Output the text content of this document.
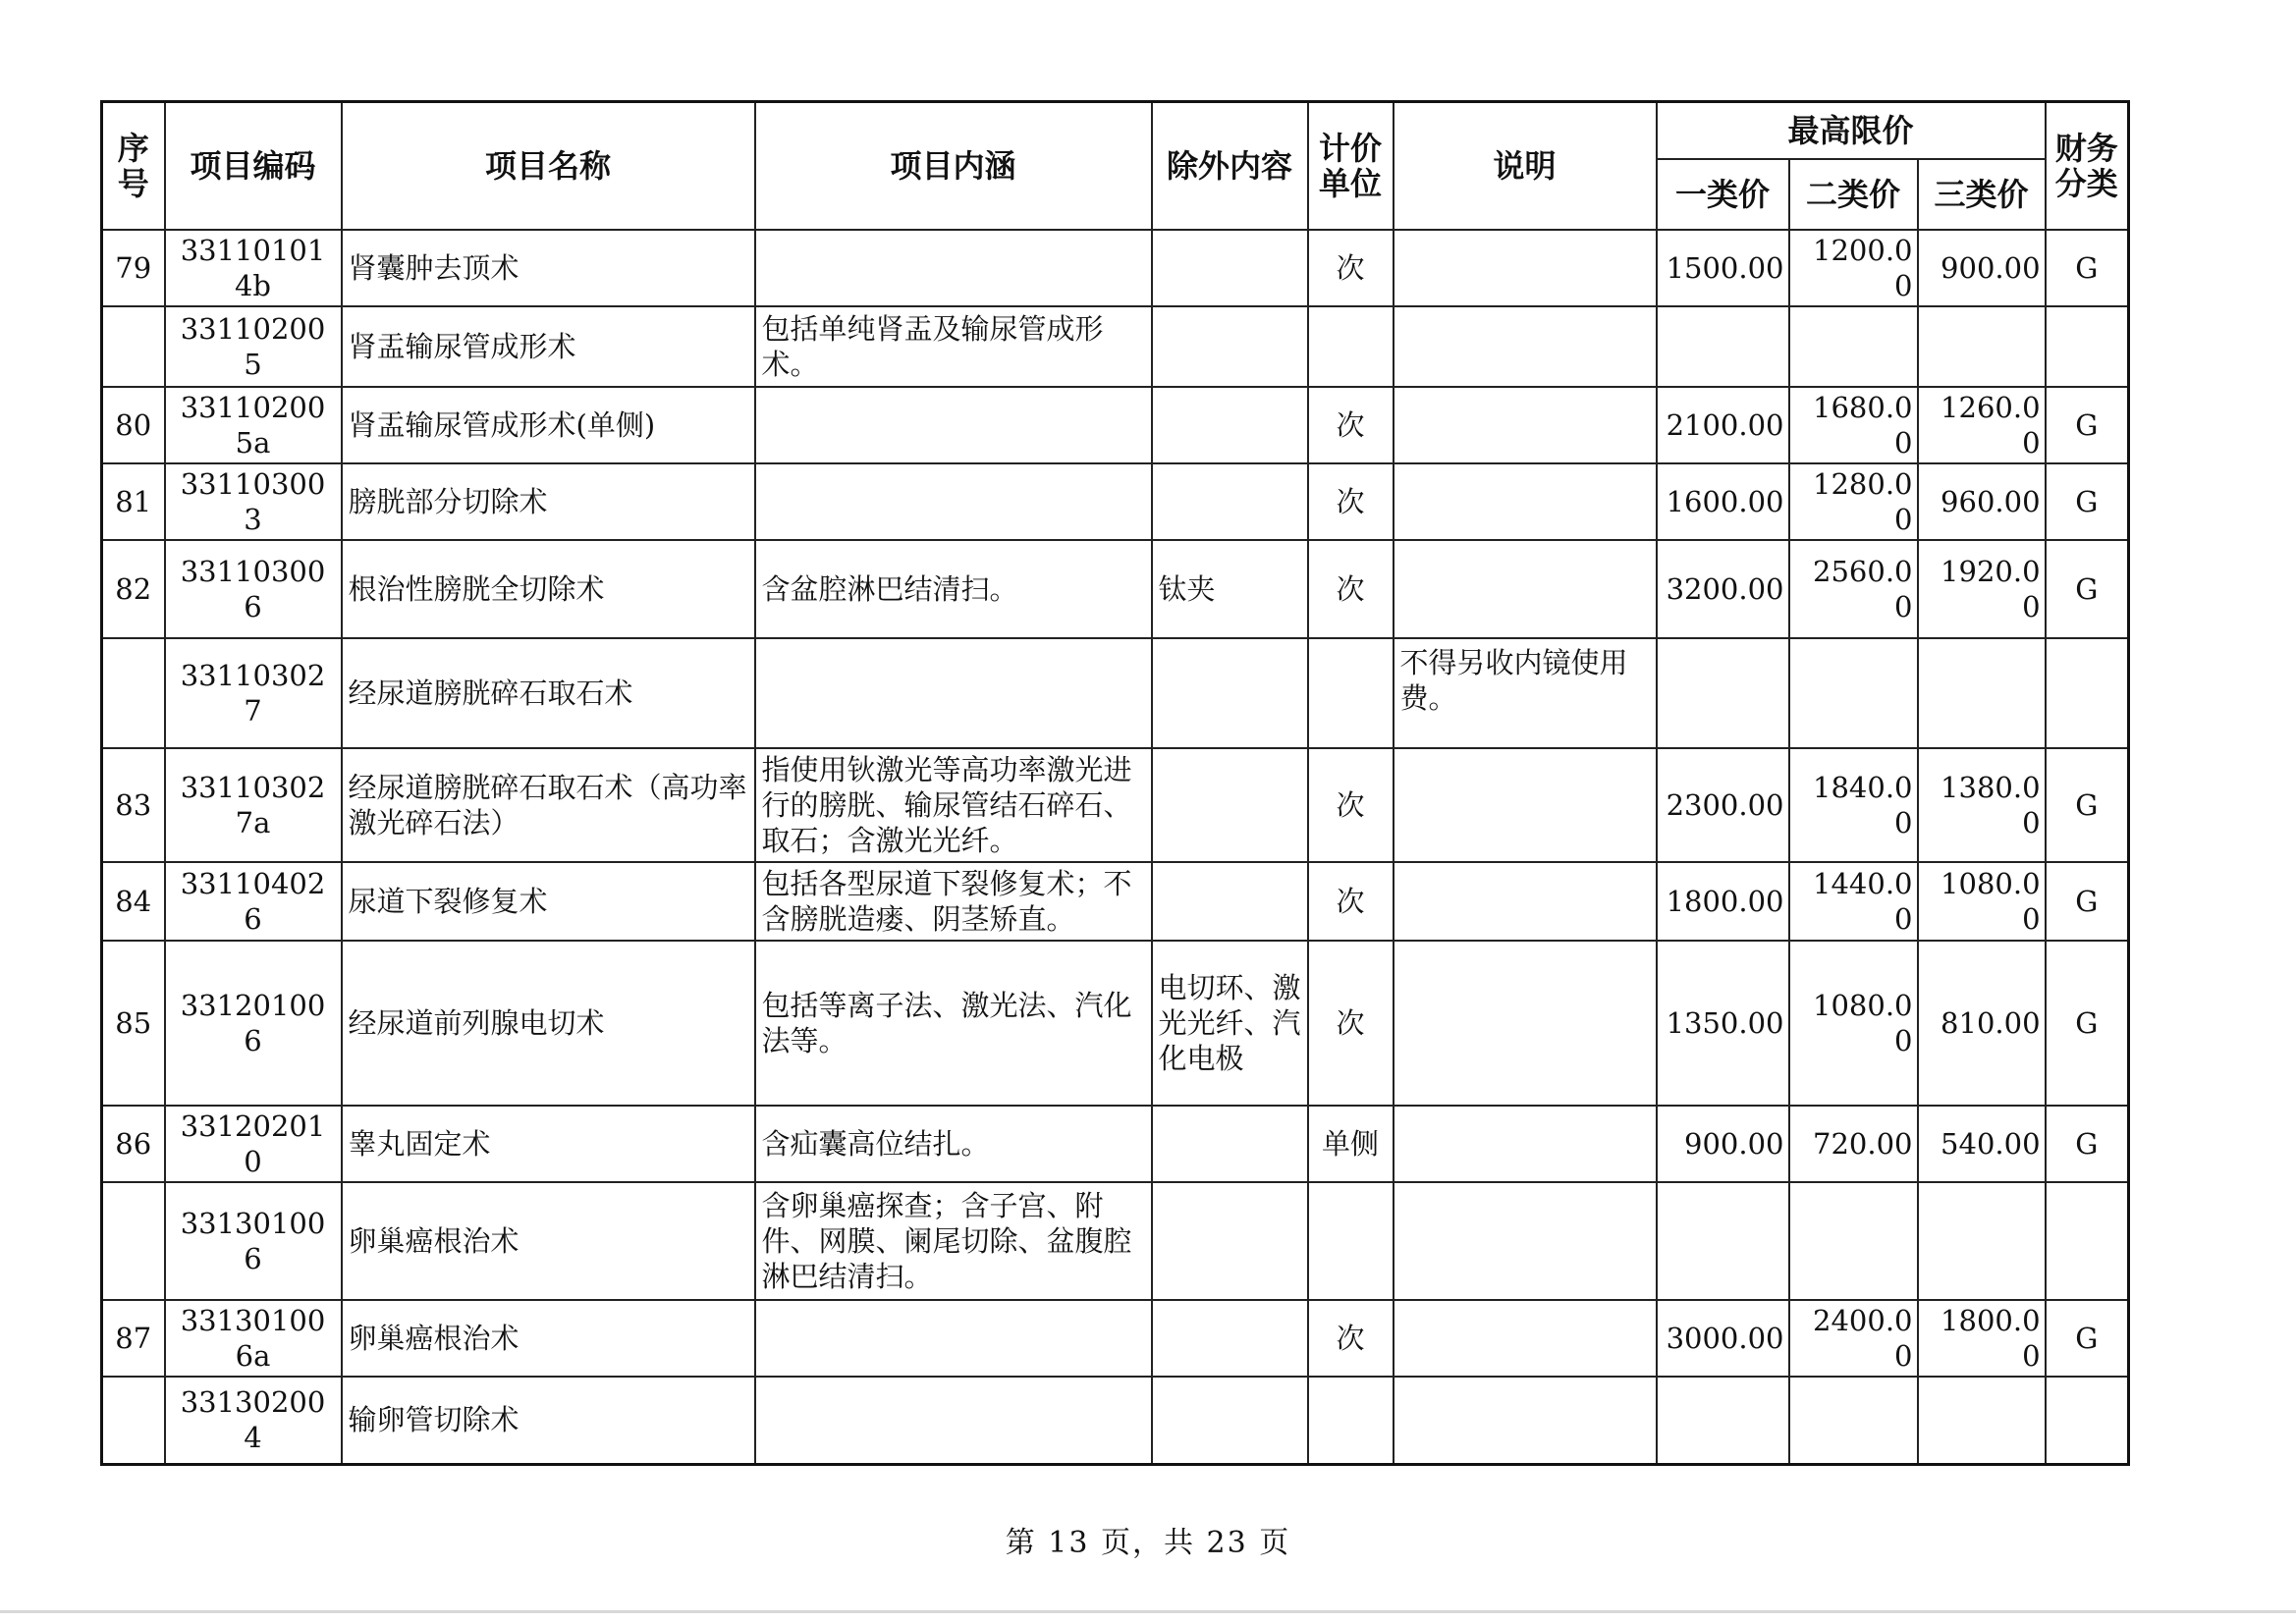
序号	项目编码	项目名称	项目内涵	除外内容	计价单位	说明	最高限价			财务分类
							一类价	二类价	三类价	
79	331101014b	肾囊肿去顶术			次		1500.00	1200.00	900.00	G
	331102005	肾盂输尿管成形术	包括单纯肾盂及输尿管成形术。							
80	331102005a	肾盂输尿管成形术(单侧)			次		2100.00	1680.00	1260.00	G
81	331103003	膀胱部分切除术			次		1600.00	1280.00	960.00	G
82	331103006	根治性膀胱全切除术	含盆腔淋巴结清扫。	钛夹	次		3200.00	2560.00	1920.00	G
	331103027	经尿道膀胱碎石取石术				不得另收内镜使用费。				
83	331103027a	经尿道膀胱碎石取石术（高功率激光碎石法）	指使用钬激光等高功率激光进行的膀胱、输尿管结石碎石、取石；含激光光纤。		次		2300.00	1840.00	1380.00	G
84	331104026	尿道下裂修复术	包括各型尿道下裂修复术；不含膀胱造瘘、阴茎矫直。		次		1800.00	1440.00	1080.00	G
85	331201006	经尿道前列腺电切术	包括等离子法、激光法、汽化法等。	电切环、激光光纤、汽化电极	次		1350.00	1080.00	810.00	G
86	331202010	睾丸固定术	含疝囊高位结扎。		单侧		900.00	720.00	540.00	G
	331301006	卵巢癌根治术	含卵巢癌探查；含子宫、附件、网膜、阑尾切除、盆腹腔淋巴结清扫。							
87	331301006a	卵巢癌根治术			次		3000.00	2400.00	1800.00	G
	331302004	输卵管切除术								
第 13 页，共 23 页
